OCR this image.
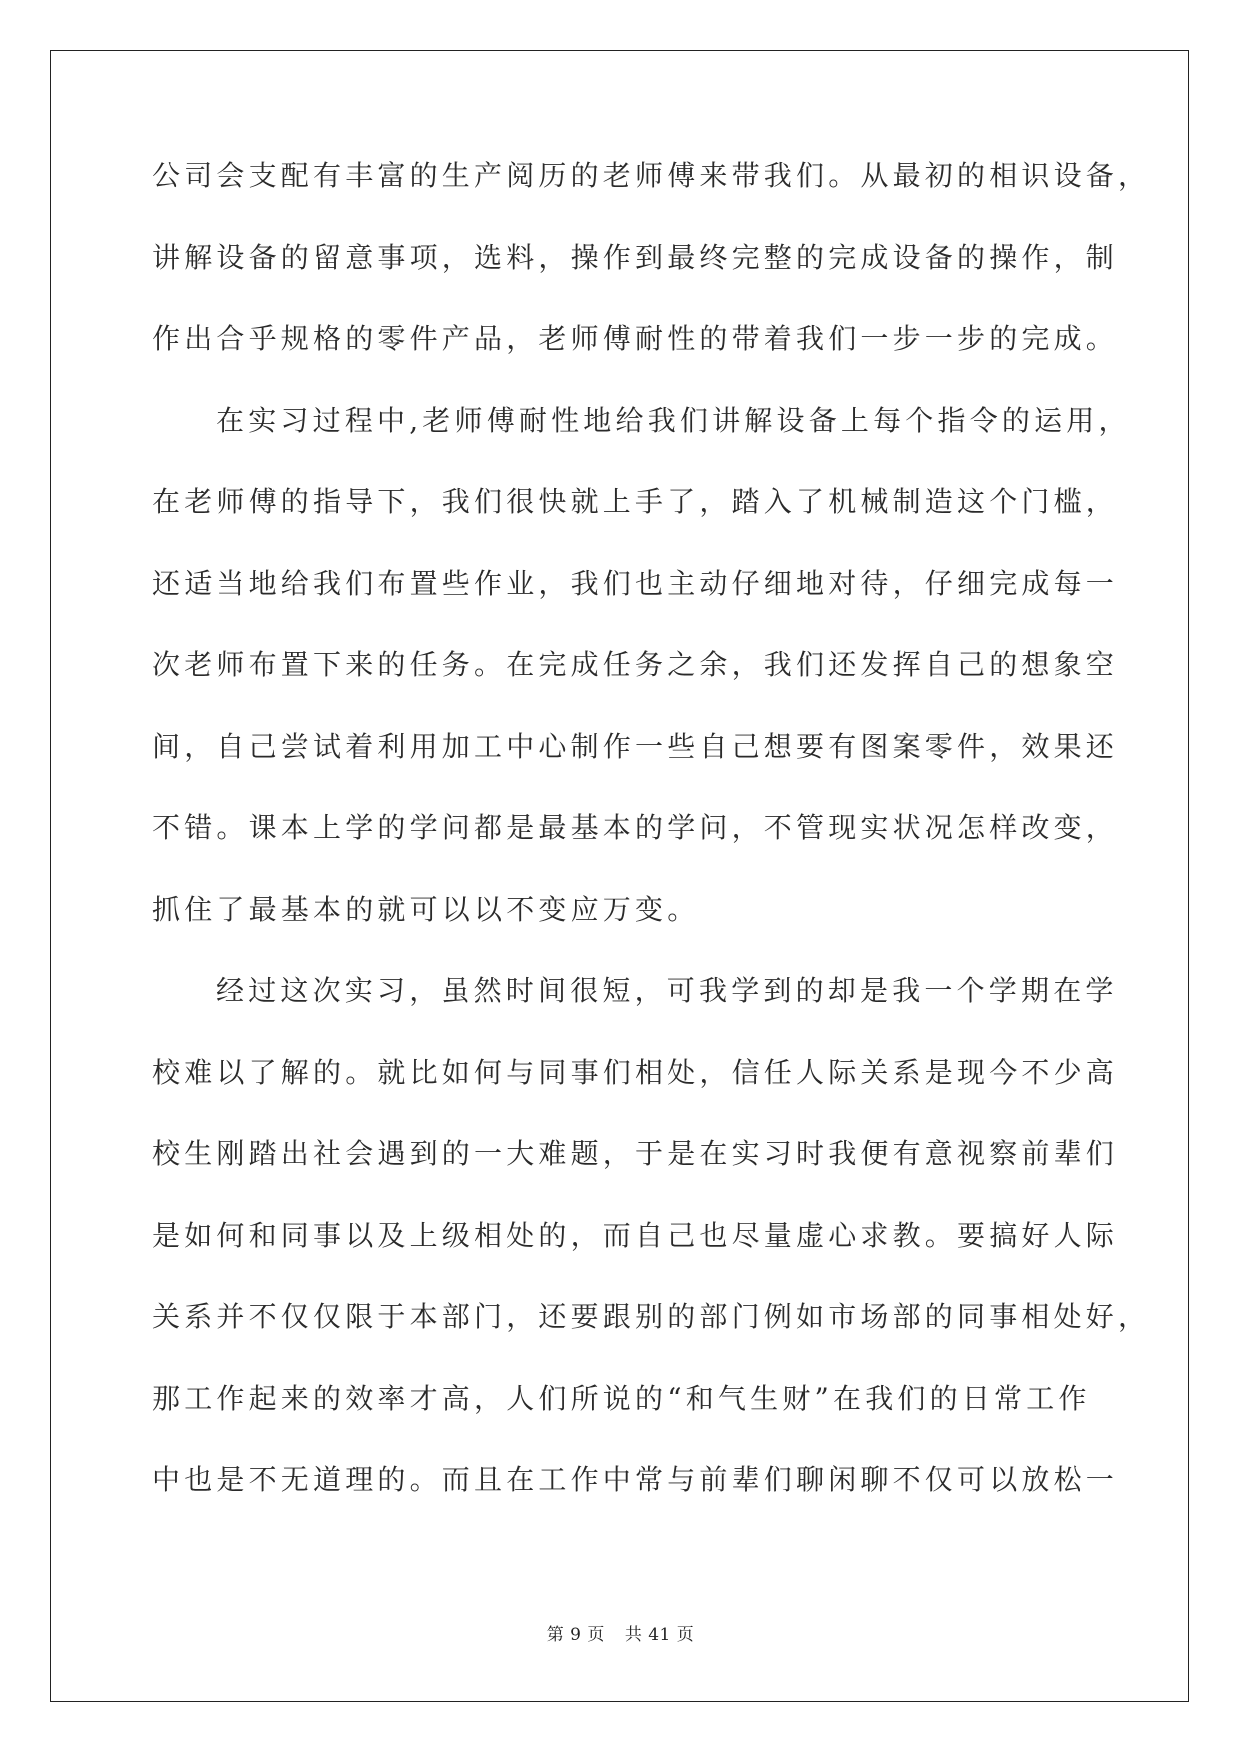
公司会支配有丰富的生产阅历的老师傅来带我们。从最初的相识设备，
讲解设备的留意事项，选料，操作到最终完整的完成设备的操作，制
作出合乎规格的零件产品，老师傅耐性的带着我们一步一步的完成。
在实习过程中,老师傅耐性地给我们讲解设备上每个指令的运用，
在老师傅的指导下，我们很快就上手了，踏入了机械制造这个门槛，
还适当地给我们布置些作业，我们也主动仔细地对待，仔细完成每一
次老师布置下来的任务。在完成任务之余，我们还发挥自己的想象空
间，自己尝试着利用加工中心制作一些自己想要有图案零件，效果还
不错。课本上学的学问都是最基本的学问，不管现实状况怎样改变，
抓住了最基本的就可以以不变应万变。
经过这次实习，虽然时间很短，可我学到的却是我一个学期在学
校难以了解的。就比如何与同事们相处，信任人际关系是现今不少高
校生刚踏出社会遇到的一大难题，于是在实习时我便有意视察前辈们
是如何和同事以及上级相处的，而自己也尽量虚心求教。要搞好人际
关系并不仅仅限于本部门，还要跟别的部门例如市场部的同事相处好，
那工作起来的效率才高，人们所说的“和气生财”在我们的日常工作
中也是不无道理的。而且在工作中常与前辈们聊闲聊不仅可以放松一
第 9 页 共 41 页
